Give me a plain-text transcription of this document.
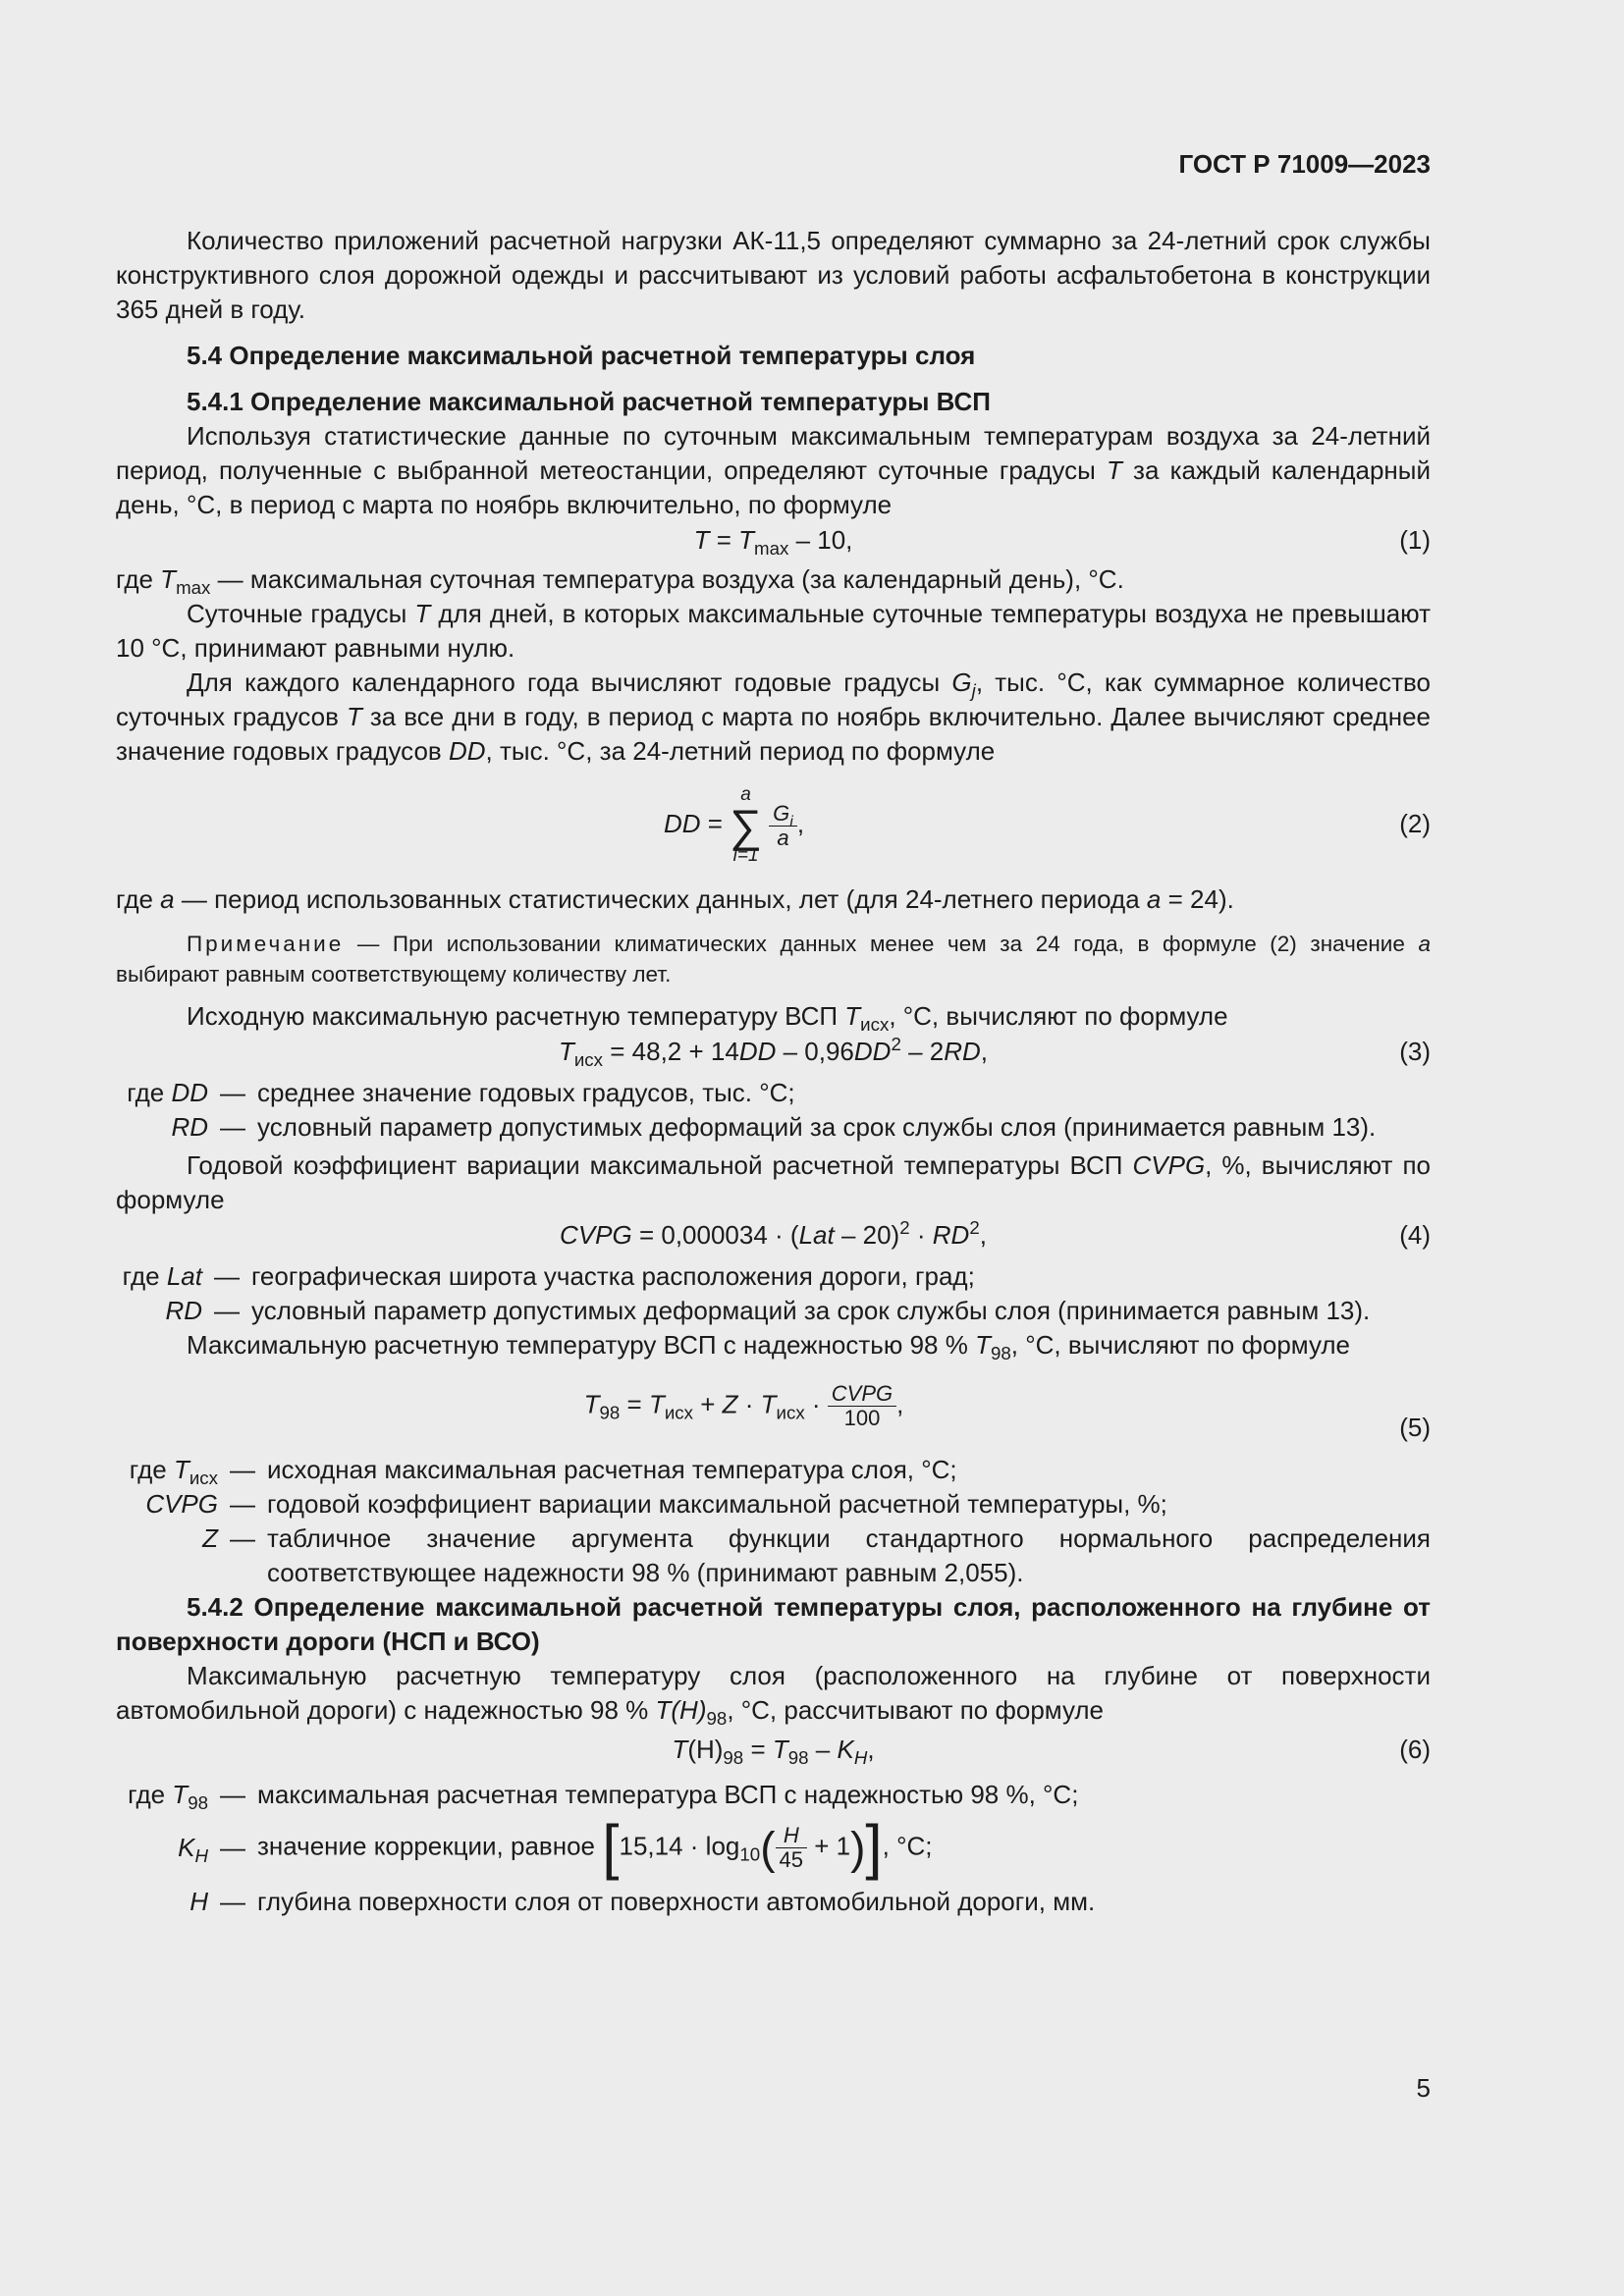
ГОСТ Р 71009—2023

Количество приложений расчетной нагрузки АК-11,5 определяют суммарно за 24-летний срок службы конструктивного слоя дорожной одежды и рассчитывают из условий работы асфальтобетона в конструкции 365 дней в году.

5.4 Определение максимальной расчетной температуры слоя

5.4.1 Определение максимальной расчетной температуры ВСП

Используя статистические данные по суточным максимальным температурам воздуха за 24-летний период, полученные с выбранной метеостанции, определяют суточные градусы T за каждый календарный день, °C, в период с марта по ноябрь включительно, по формуле

$T = T_{max} - 10$,	(1)

где $T_{max}$ — максимальная суточная температура воздуха (за календарный день), °C.

Суточные градусы T для дней, в которых максимальные суточные температуры воздуха не превышают 10 °C, принимают равными нулю.

Для каждого календарного года вычисляют годовые градусы $G_j$, тыс. °C, как суммарное количество суточных градусов T за все дни в году, в период с марта по ноябрь включительно. Далее вычисляют среднее значение годовых градусов DD, тыс. °C, за 24-летний период по формуле

DD =
a
∑
i=1

$\frac{G_i}{a}$ ,	(2)

где a — период использованных статистических данных, лет (для 24-летнего периода a = 24).

Примечание — При использовании климатических данных менее чем за 24 года, в формуле (2) значение a выбирают равным соответствующему количеству лет.

Исходную максимальную расчетную температуру ВСП $T_{исх}$, °C, вычисляют по формуле

$T_{исх} = 48,2 + 14DD - 0,96DD^2 - 2RD$,	(3)
где DD — среднее значение годовых градусов, тыс. °C;
RD — условный параметр допустимых деформаций за срок службы слоя (принимается равным 13).

Годовой коэффициент вариации максимальной расчетной температуры ВСП CVPG, %, вычисляют по формуле

CVPG = $0,000034 \cdot (Lat - 20)^2 \cdot RD^2$,	(4)
где Lat — географическая широта участка расположения дороги, град;
RD — условный параметр допустимых деформаций за срок службы слоя (принимается равным 13).

Максимальную расчетную температуру ВСП с надежностью 98 % $T_{98}$, °C, вычисляют по формуле

$T_{98} = T_{исх} + Z \cdot T_{исх} \cdot \frac{\text{CVPG}}{100}$ ,
(5)
где $T_{исх}$ — исходная максимальная расчетная температура слоя, °C;
CVPG — годовой коэффициент вариации максимальной расчетной температуры, %;
Z — табличное значение аргумента функции стандартного нормального распределения соответствующее надежности 98 % (принимают равным 2,055).

5.4.2 Определение максимальной расчетной температуры слоя, расположенного на глубине от поверхности дороги (НСП и ВСО)

Максимальную расчетную температуру слоя (расположенного на глубине от поверхности автомобильной дороги) с надежностью 98 % $T(H)_{98}$, °C, рассчитывают по формуле

$T(H)_{98} = T_{98} - K_H$,	(6)
где $T_{98}$ — максимальная расчетная температура ВСП с надежностью 98 %, °C;
$K_H$ — значение коррекции, равное $[15,14 \cdot \log_{10}( \frac{H}{45} + 1)]$, °C;
H — глубина поверхности слоя от поверхности автомобильной дороги, мм.
5
